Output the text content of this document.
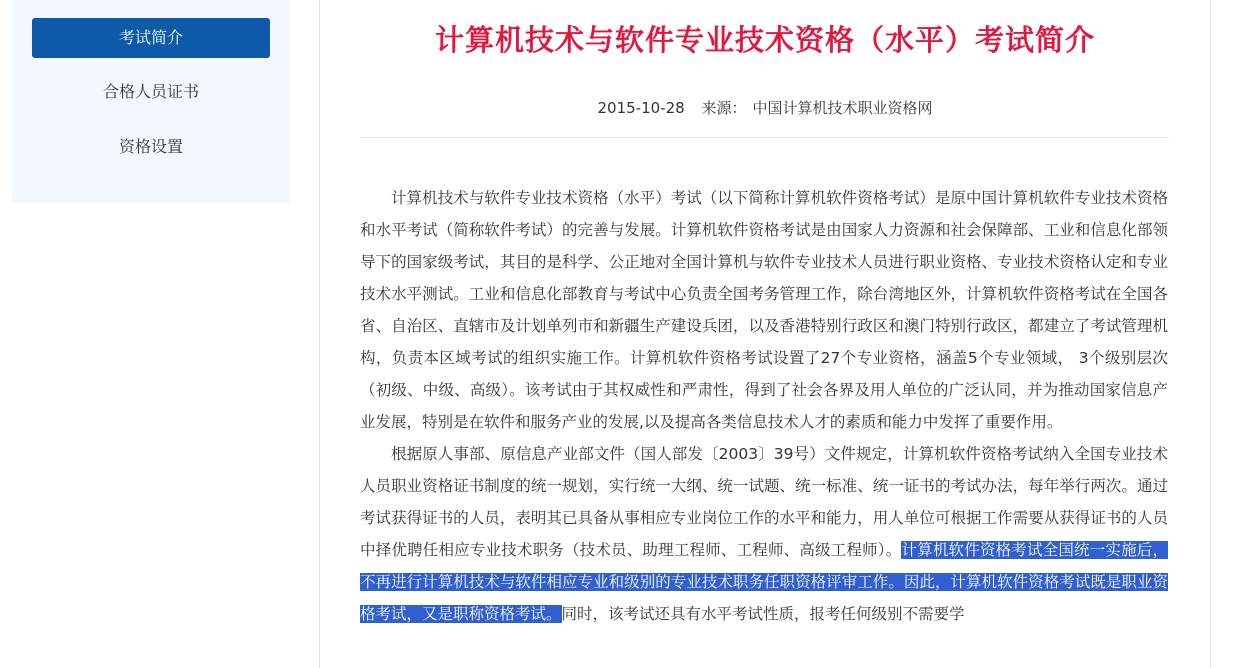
考试简介
合格人员证书
资格设置
计算机技术与软件专业技术资格（水平）考试简介
2015-10-28 来源： 中国计算机技术职业资格网

计算机技术与软件专业技术资格（水平）考试（以下简称计算机软件资格考试）是原中国计算机软件专业技术资格和水平考试（简称软件考试）的完善与发展。计算机软件资格考试是由国家人力资源和社会保障部、工业和信息化部领导下的国家级考试，其目的是科学、公正地对全国计算机与软件专业技术人员进行职业资格、专业技术资格认定和专业技术水平测试。工业和信息化部教育与考试中心负责全国考务管理工作，除台湾地区外，计算机软件资格考试在全国各省、自治区、直辖市及计划单列市和新疆生产建设兵团，以及香港特别行政区和澳门特别行政区，都建立了考试管理机构，负责本区域考试的组织实施工作。计算机软件资格考试设置了27个专业资格，涵盖5个专业领域， 3个级别层次（初级、中级、高级）。该考试由于其权威性和严肃性，得到了社会各界及用人单位的广泛认同，并为推动国家信息产业发展，特别是在软件和服务产业的发展,以及提高各类信息技术人才的素质和能力中发挥了重要作用。

根据原人事部、原信息产业部文件（国人部发〔2003〕39号）文件规定，计算机软件资格考试纳入全国专业技术人员职业资格证书制度的统一规划，实行统一大纲、统一试题、统一标准、统一证书的考试办法，每年举行两次。通过考试获得证书的人员，表明其已具备从事相应专业岗位工作的水平和能力，用人单位可根据工作需要从获得证书的人员中择优聘任相应专业技术职务（技术员、助理工程师、工程师、高级工程师）。计算机软件资格考试全国统一实施后，不再进行计算机技术与软件相应专业和级别的专业技术职务任职资格评审工作。因此，计算机软件资格考试既是职业资格考试，又是职称资格考试。同时，该考试还具有水平考试性质，报考任何级别不需要学
